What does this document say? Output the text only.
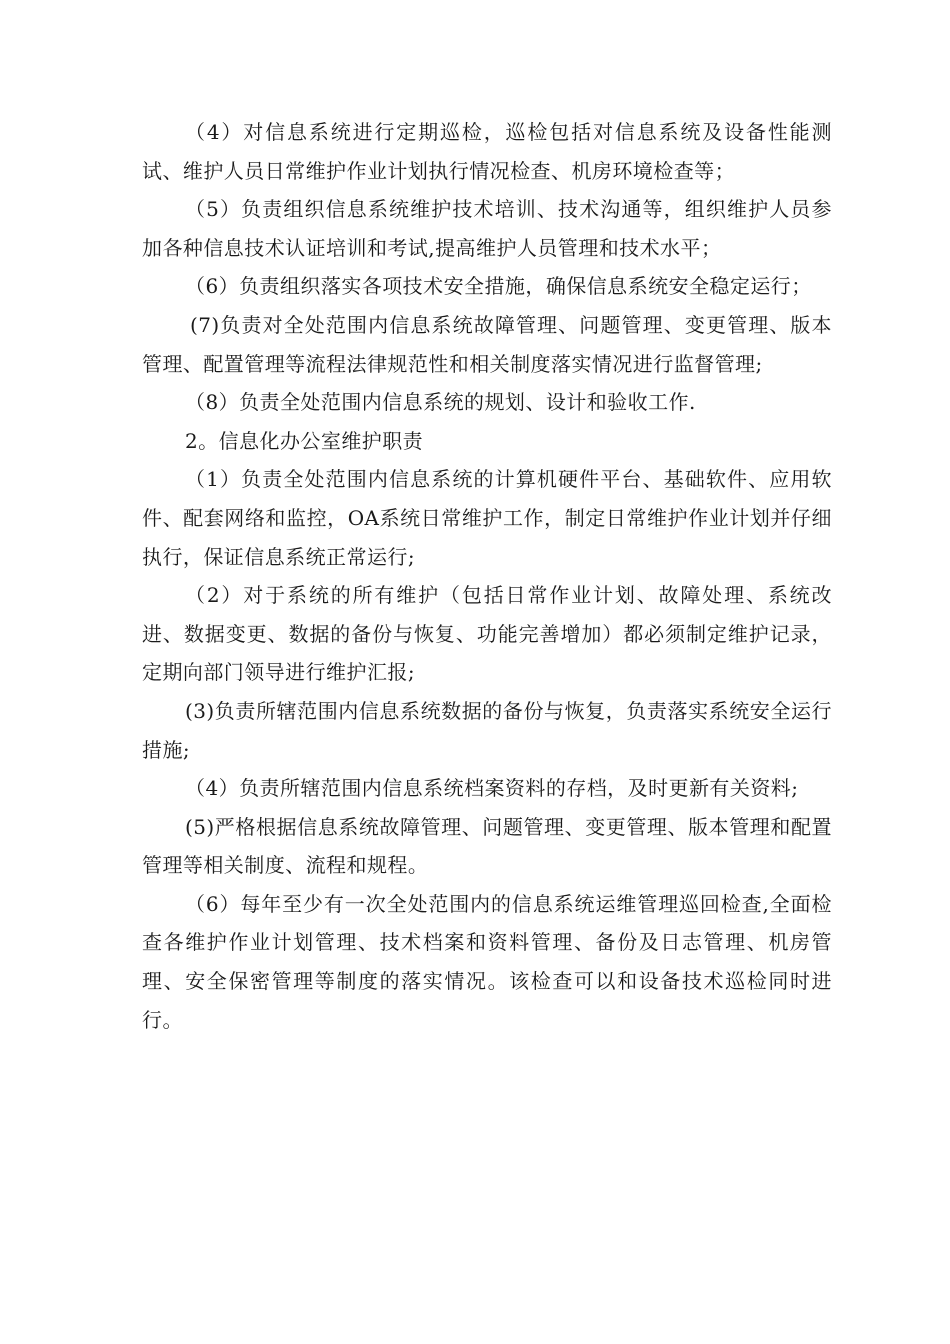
（4）对信息系统进行定期巡检，巡检包括对信息系统及设备性能测试、维护人员日常维护作业计划执行情况检查、机房环境检查等；

（5）负责组织信息系统维护技术培训、技术沟通等，组织维护人员参加各种信息技术认证培训和考试,提高维护人员管理和技术水平；

（6）负责组织落实各项技术安全措施，确保信息系统安全稳定运行；

(7)负责对全处范围内信息系统故障管理、问题管理、变更管理、版本管理、配置管理等流程法律规范性和相关制度落实情况进行监督管理;

（8）负责全处范围内信息系统的规划、设计和验收工作.

2。信息化办公室维护职责

（1）负责全处范围内信息系统的计算机硬件平台、基础软件、应用软件、配套网络和监控，OA系统日常维护工作，制定日常维护作业计划并仔细执行，保证信息系统正常运行;

（2）对于系统的所有维护（包括日常作业计划、故障处理、系统改进、数据变更、数据的备份与恢复、功能完善增加）都必须制定维护记录，定期向部门领导进行维护汇报;

(3)负责所辖范围内信息系统数据的备份与恢复，负责落实系统安全运行措施;

（4）负责所辖范围内信息系统档案资料的存档，及时更新有关资料;

(5)严格根据信息系统故障管理、问题管理、变更管理、版本管理和配置管理等相关制度、流程和规程。

（6）每年至少有一次全处范围内的信息系统运维管理巡回检查,全面检查各维护作业计划管理、技术档案和资料管理、备份及日志管理、机房管理、安全保密管理等制度的落实情况。该检查可以和设备技术巡检同时进行。
